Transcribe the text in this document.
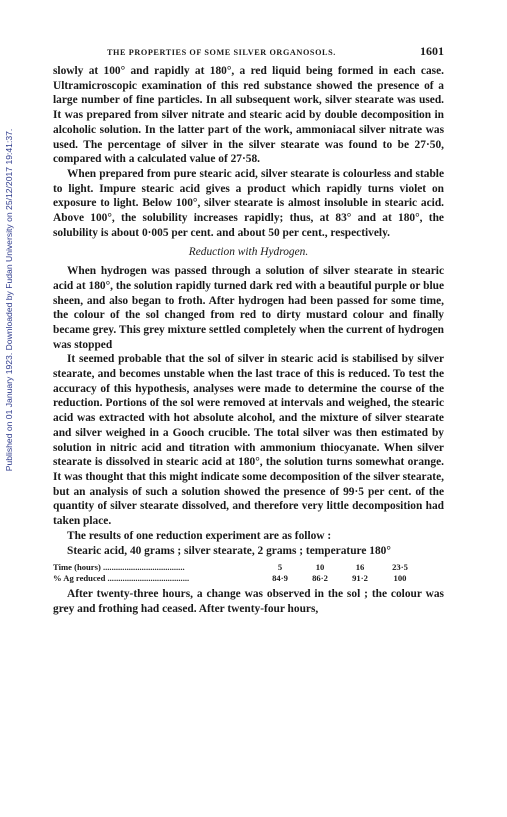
Published on 01 January 1923. Downloaded by Fudan University on 25/12/2017 19:41:37.
THE PROPERTIES OF SOME SILVER ORGANOSOLS.	1601

slowly at 100° and rapidly at 180°, a red liquid being formed in each case. Ultramicroscopic examination of this red substance showed the presence of a large number of fine particles. In all subsequent work, silver stearate was used. It was prepared from silver nitrate and stearic acid by double decomposition in alcoholic solution. In the latter part of the work, ammoniacal silver nitrate was used. The percentage of silver in the silver stearate was found to be 27·50, compared with a calculated value of 27·58.

When prepared from pure stearic acid, silver stearate is colourless and stable to light. Impure stearic acid gives a product which rapidly turns violet on exposure to light. Below 100°, silver stearate is almost insoluble in stearic acid. Above 100°, the solubility increases rapidly; thus, at 83° and at 180°, the solubility is about 0·005 per cent. and about 50 per cent., respectively.

Reduction with Hydrogen.

When hydrogen was passed through a solution of silver stearate in stearic acid at 180°, the solution rapidly turned dark red with a beautiful purple or blue sheen, and also began to froth. After hydrogen had been passed for some time, the colour of the sol changed from red to dirty mustard colour and finally became grey. This grey mixture settled completely when the current of hydrogen was stopped

It seemed probable that the sol of silver in stearic acid is stabilised by silver stearate, and becomes unstable when the last trace of this is reduced. To test the accuracy of this hypothesis, analyses were made to determine the course of the reduction. Portions of the sol were removed at intervals and weighed, the stearic acid was extracted with hot absolute alcohol, and the mixture of silver stearate and silver weighed in a Gooch crucible. The total silver was then estimated by solution in nitric acid and titration with ammonium thiocyanate. When silver stearate is dissolved in stearic acid at 180°, the solution turns somewhat orange. It was thought that this might indicate some decomposition of the silver stearate, but an analysis of such a solution showed the presence of 99·5 per cent. of the quantity of silver stearate dissolved, and therefore very little decomposition had taken place.

The results of one reduction experiment are as follow :

Stearic acid, 40 grams ; silver stearate, 2 grams ; temperature 180°

Time (hours) ......................................	5	10	16	23·5
% Ag reduced ......................................	84·9	86·2	91·2	100

After twenty-three hours, a change was observed in the sol ; the colour was grey and frothing had ceased. After twenty-four hours,
